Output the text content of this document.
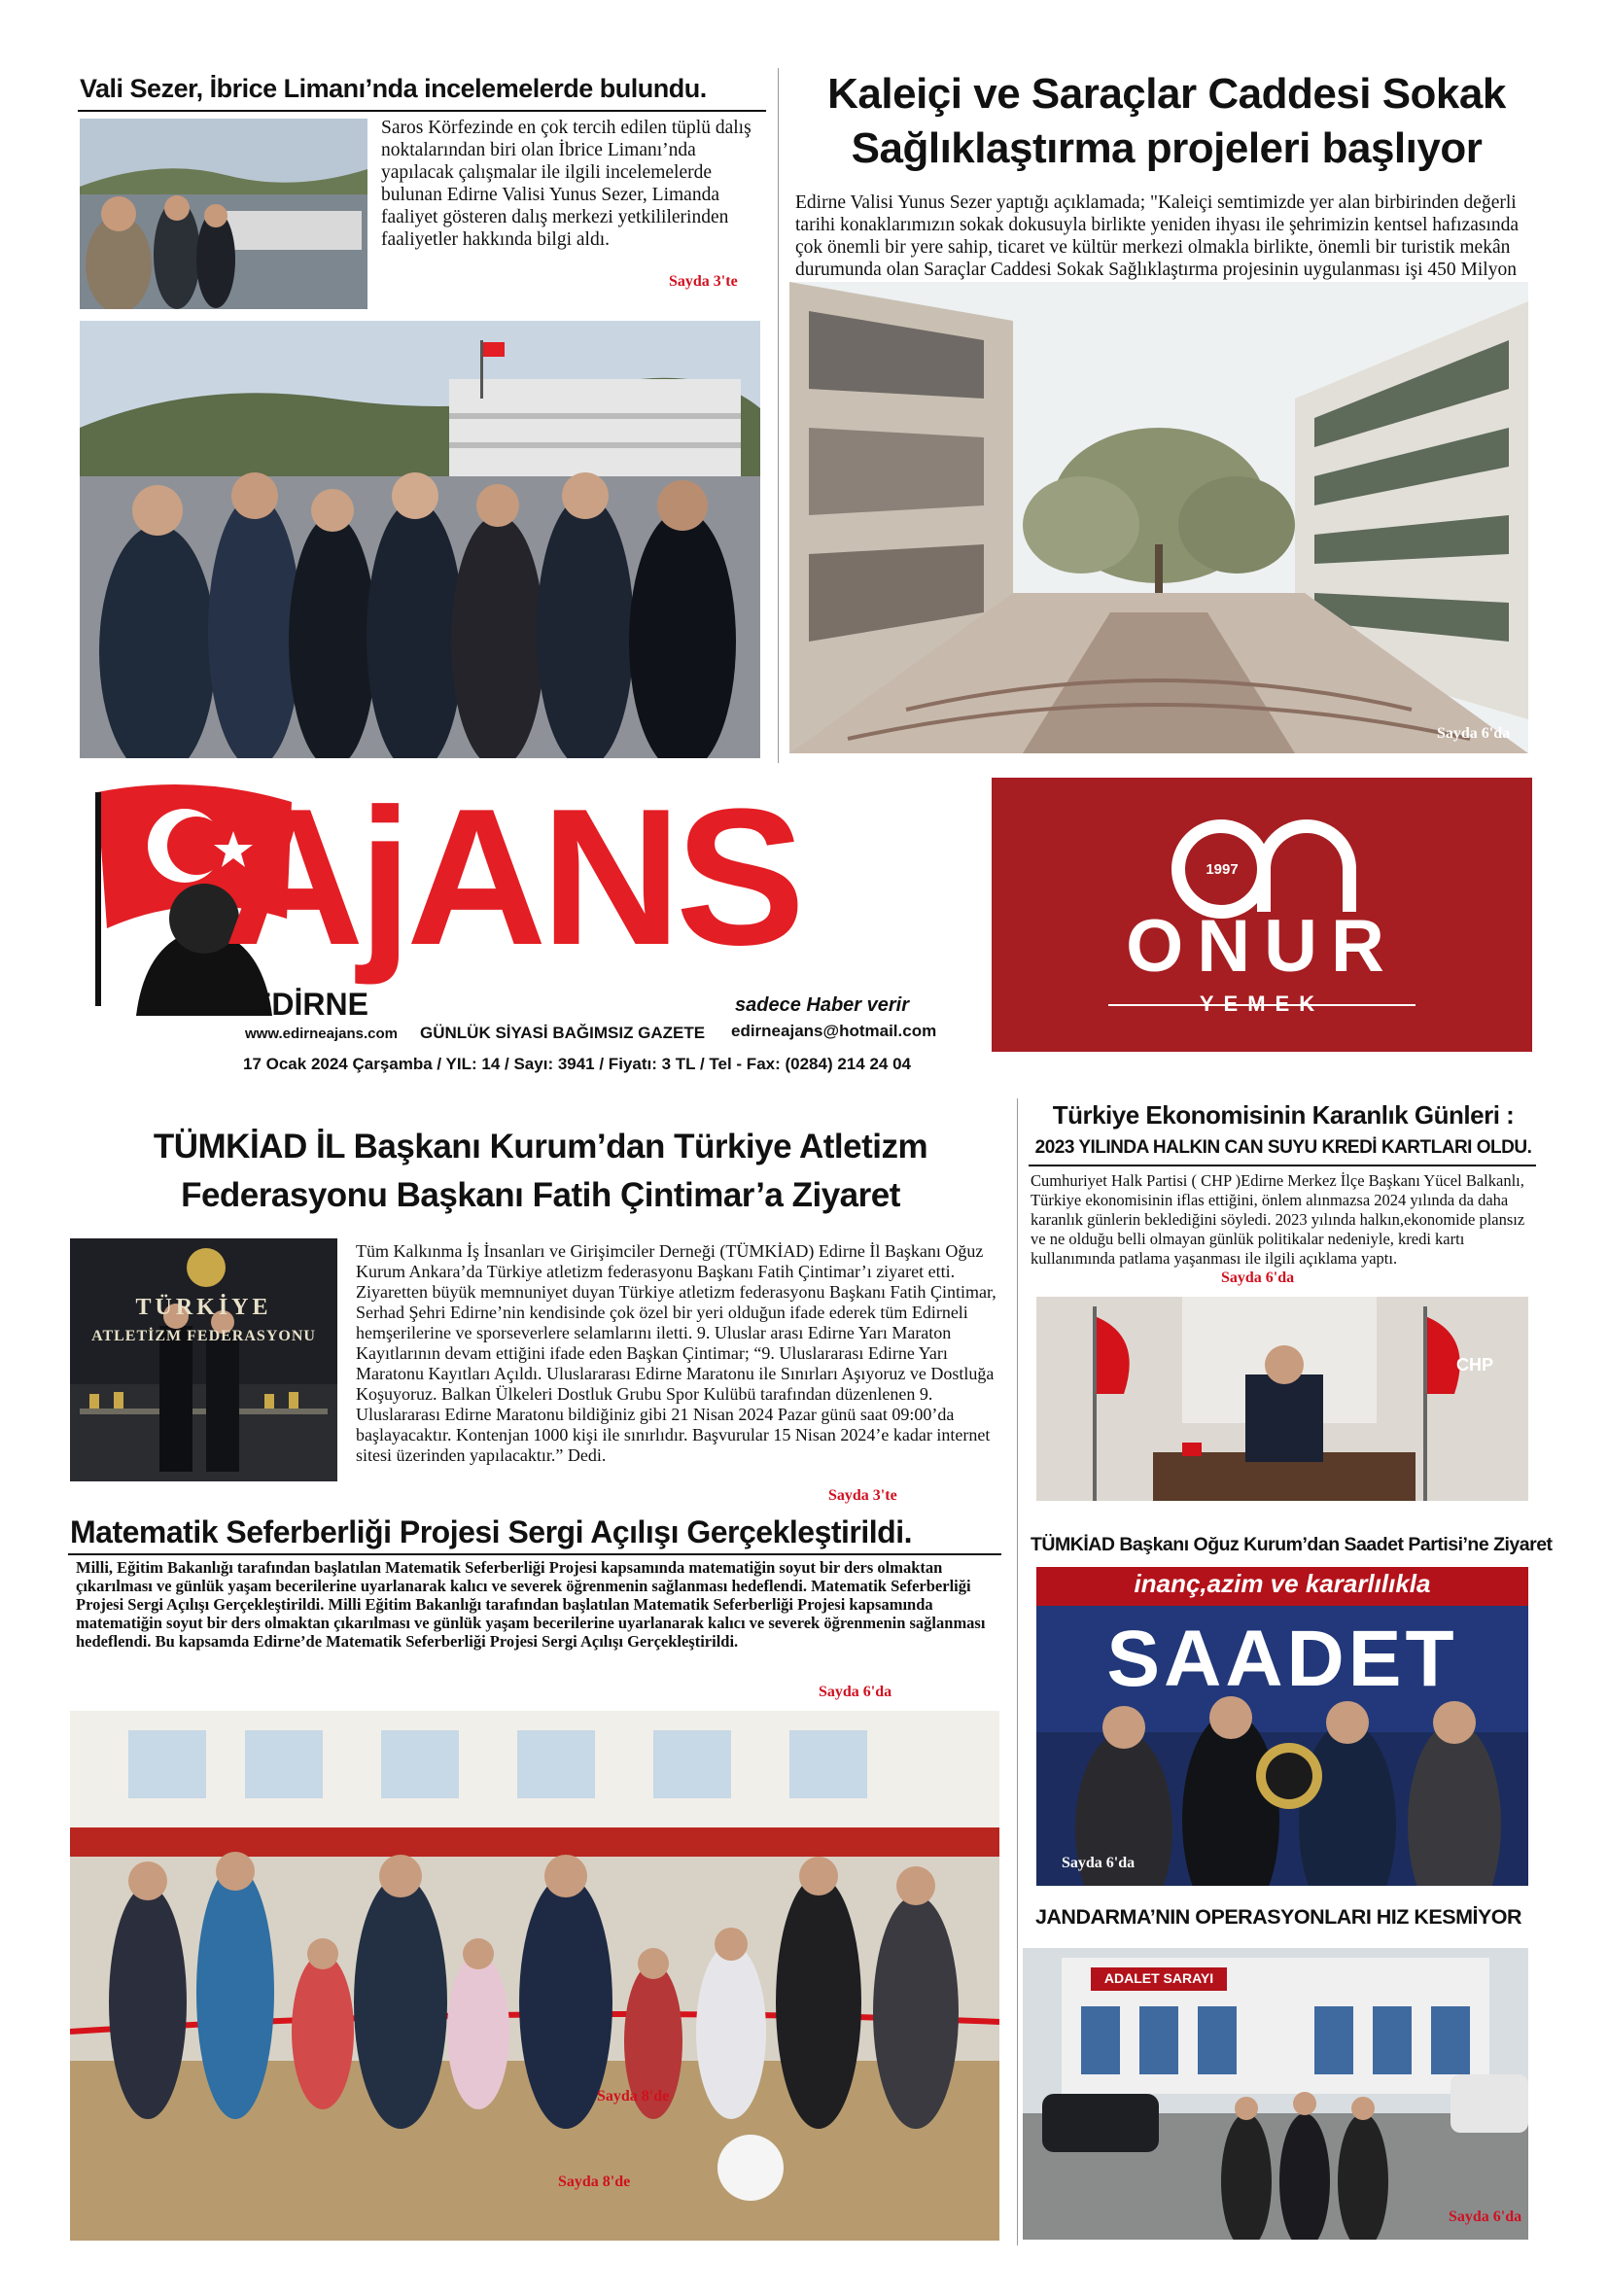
Vali Sezer, İbrice Limanı’nda incelemelerde bulundu.

Saros Körfezinde en çok tercih edilen tüplü dalış noktalarından biri olan İbrice Limanı’nda yapılacak çalışmalar ile ilgili incelemelerde bulunan Edirne Valisi Yunus Sezer, Limanda faaliyet gösteren dalış merkezi yetkililerinden faaliyetler hakkında bilgi aldı.

Sayda 3'te
Kaleiçi ve Saraçlar Caddesi Sokak
Sağlıklaştırma projeleri başlıyor

Edirne Valisi Yunus Sezer yaptığı açıklamada; "Kaleiçi semtimizde yer alan birbirinden değerli tarihi konaklarımızın sokak dokusuyla birlikte yeniden ihyası ile şehrimizin kentsel hafızasında çok önemli bir yere sahip, ticaret ve kültür merkezi olmakla birlikte, önemli bir turistik mekân durumunda olan Saraçlar Caddesi Sokak Sağlıklaştırma projesinin uygulanması işi 450 Milyon

Sayda 6'da
AjANS
EDİRNE	sadece Haber verir
www.edirneajans.com GÜNLÜK SİYASİ BAĞIMSIZ GAZETE edirneajans@hotmail.com
17 Ocak 2024 Çarşamba / YIL: 14 / Sayı: 3941 / Fiyatı: 3 TL / Tel - Fax: (0284) 214 24 04
1997
ONUR
YEMEK
TÜMKİAD İL Başkanı Kurum’dan Türkiye Atletizm
Federasyonu Başkanı Fatih Çintimar’a Ziyaret
TÜRKİYE
ATLETİZM FEDERASYONU

Tüm Kalkınma İş İnsanları ve Girişimciler Derneği (TÜMKİAD) Edirne İl Başkanı Oğuz Kurum Ankara’da Türkiye atletizm federasyonu Başkanı Fatih Çintimar’ı ziyaret etti. Ziyaretten büyük memnuniyet duyan Türkiye atletizm federasyonu Başkanı Fatih Çintimar, Serhad Şehri Edirne’nin kendisinde çok özel bir yeri olduğun ifade ederek tüm Edirneli hemşerilerine ve sporseverlere selamlarını iletti. 9. Uluslar arası Edirne Yarı Maraton Kayıtlarının devam ettiğini ifade eden Başkan Çintimar; “9. Uluslararası Edirne Yarı Maratonu Kayıtları Açıldı. Uluslararası Edirne Maratonu ile Sınırları Aşıyoruz ve Dostluğa Koşuyoruz. Balkan Ülkeleri Dostluk Grubu Spor Kulübü tarafından düzenlenen 9. Uluslararası Edirne Maratonu bildiğiniz gibi 21 Nisan 2024 Pazar günü saat 09:00’da başlayacaktır. Kontenjan 1000 kişi ile sınırlıdır. Başvurular 15 Nisan 2024’e kadar internet sitesi üzerinden yapılacaktır.” Dedi.

Sayda 3'te
Türkiye Ekonomisinin Karanlık Günleri :
2023 YILINDA HALKIN CAN SUYU KREDİ KARTLARI OLDU.

Cumhuriyet Halk Partisi ( CHP )Edirne Merkez İlçe Başkanı Yücel Balkanlı, Türkiye ekonomisinin iflas ettiğini, önlem alınmazsa 2024 yılında da daha karanlık günlerin beklediğini söyledi. 2023 yılında halkın,ekonomide plansız ve ne olduğu belli olmayan günlük politikalar nedeniyle, kredi kartı kullanımında patlama yaşanması ile ilgili açıklama yaptı.

Sayda 6'da
CHP
Matematik Seferberliği Projesi Sergi Açılışı Gerçekleştirildi.

Milli, Eğitim Bakanlığı tarafından başlatılan Matematik Seferberliği Projesi kapsamında matematiğin soyut bir ders olmaktan çıkarılması ve günlük yaşam becerilerine uyarlanarak kalıcı ve severek öğrenmenin sağlanması hedeflendi. Matematik Seferberliği Projesi Sergi Açılışı Gerçekleştirildi. Milli Eğitim Bakanlığı tarafından başlatılan Matematik Seferberliği Projesi kapsamında matematiğin soyut bir ders olmaktan çıkarılması ve günlük yaşam becerilerine uyarlanarak kalıcı ve severek öğrenmenin sağlanması hedeflendi. Bu kapsamda Edirne’de Matematik Seferberliği Projesi Sergi Açılışı Gerçekleştirildi.

Sayda 6'da
Sayda 8'de
Sayda 8'de
TÜMKİAD Başkanı Oğuz Kurum’dan Saadet Partisi’ne Ziyaret
inanç,azim ve kararlılıkla
SAADET
Sayda 6'da
JANDARMA’NIN OPERASYONLARI HIZ KESMİYOR
ADALET SARAYI
Sayda 6'da
